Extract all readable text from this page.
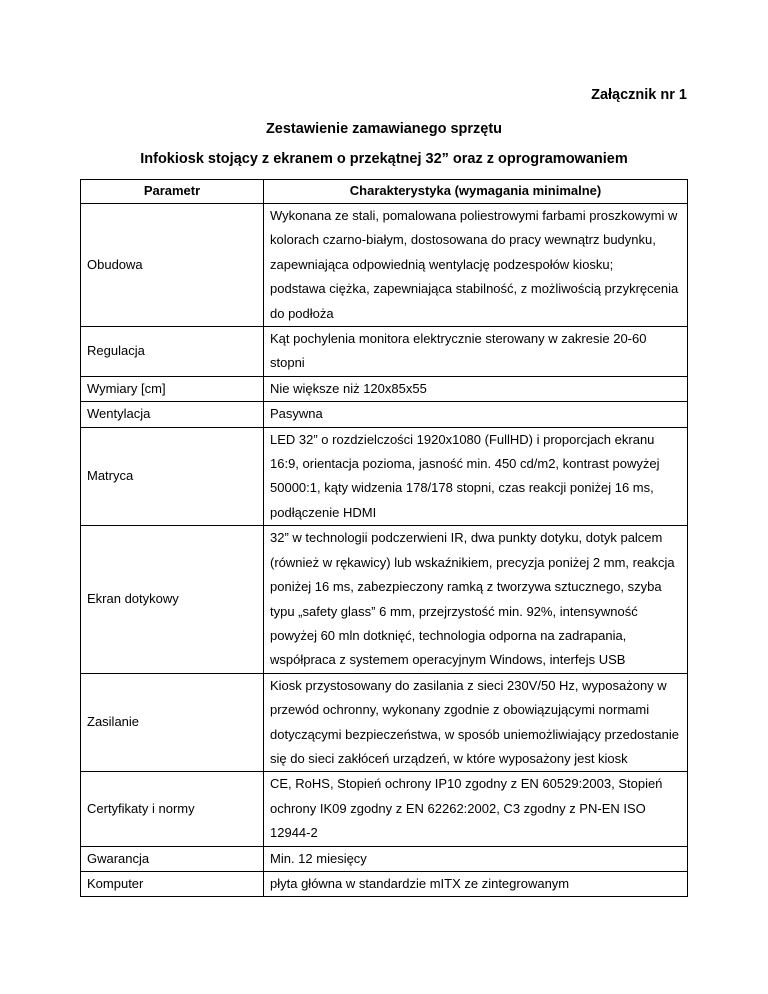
Załącznik nr 1

Zestawienie zamawianego sprzętu

Infokiosk stojący z ekranem o przekątnej 32” oraz z oprogramowaniem

Parametr	Charakterystyka (wymagania minimalne)
Obudowa	Wykonana ze stali, pomalowana poliestrowymi farbami proszkowymi w kolorach czarno-białym, dostosowana do pracy wewnątrz budynku, zapewniająca odpowiednią wentylację podzespołów kiosku;
podstawa ciężka, zapewniająca stabilność, z możliwością przykręcenia do podłoża
Regulacja	Kąt pochylenia monitora elektrycznie sterowany w zakresie 20-60 stopni
Wymiary [cm]	Nie większe niż 120x85x55
Wentylacja	Pasywna
Matryca	LED 32” o rozdzielczości 1920x1080 (FullHD) i proporcjach ekranu 16:9, orientacja pozioma, jasność min. 450 cd/m2, kontrast powyżej 50000:1, kąty widzenia 178/178 stopni, czas reakcji poniżej 16 ms, podłączenie HDMI
Ekran dotykowy	32” w technologii podczerwieni IR, dwa punkty dotyku, dotyk palcem (również w rękawicy) lub wskaźnikiem, precyzja poniżej 2 mm, reakcja poniżej 16 ms, zabezpieczony ramką z tworzywa sztucznego, szyba typu „safety glass” 6 mm, przejrzystość min. 92%, intensywność powyżej 60 mln dotknięć, technologia odporna na zadrapania, współpraca z systemem operacyjnym Windows, interfejs USB
Zasilanie	Kiosk przystosowany do zasilania z sieci 230V/50 Hz, wyposażony w przewód ochronny, wykonany zgodnie z obowiązującymi normami dotyczącymi bezpieczeństwa, w sposób uniemożliwiający przedostanie się do sieci zakłóceń urządzeń, w które wyposażony jest kiosk
Certyfikaty i normy	CE, RoHS, Stopień ochrony IP10 zgodny z EN 60529:2003, Stopień ochrony IK09 zgodny z EN 62262:2002, C3 zgodny z PN-EN ISO 12944-2
Gwarancja	Min. 12 miesięcy
Komputer	płyta główna w standardzie mITX ze zintegrowanym
